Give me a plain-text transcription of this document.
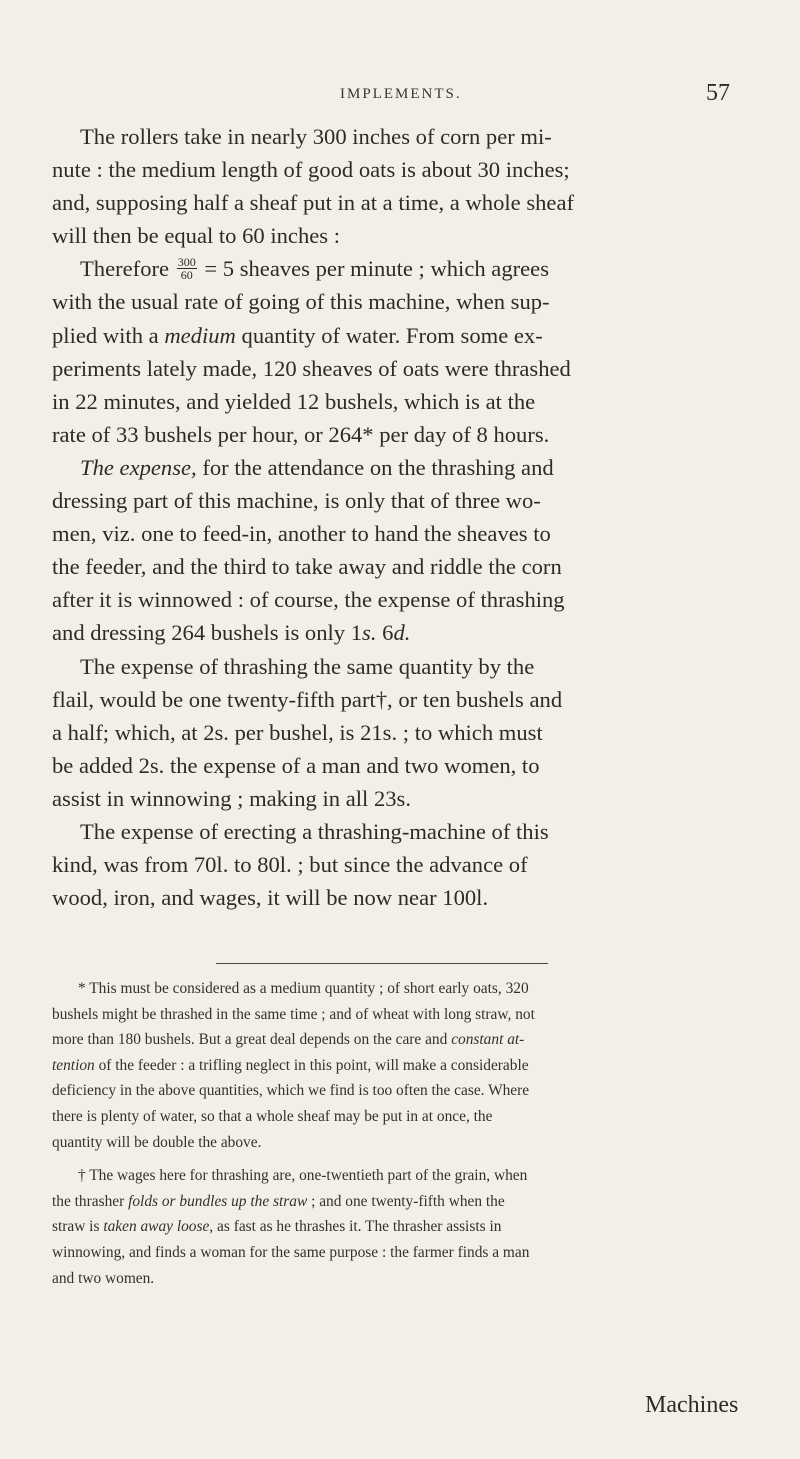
IMPLEMENTS.	57
The rollers take in nearly 300 inches of corn per mi-
nute : the medium length of good oats is about 30 inches;
and, supposing half a sheaf put in at a time, a whole sheaf
will then be equal to 60 inches :
Therefore $\frac{300}{60} = 5$ sheaves per minute ; which agrees
with the usual rate of going of this machine, when sup-
plied with a medium quantity of water. From some ex-
periments lately made, 120 sheaves of oats were thrashed
in 22 minutes, and yielded 12 bushels, which is at the
rate of 33 bushels per hour, or 264* per day of 8 hours.
The expense, for the attendance on the thrashing and
dressing part of this machine, is only that of three wo-
men, viz. one to feed-in, another to hand the sheaves to
the feeder, and the third to take away and riddle the corn
after it is winnowed : of course, the expense of thrashing
and dressing 264 bushels is only 1s. 6d.
The expense of thrashing the same quantity by the
flail, would be one twenty-fifth part†, or ten bushels and
a half; which, at 2s. per bushel, is 21s. ; to which must
be added 2s. the expense of a man and two women, to
assist in winnowing ; making in all 23s.
The expense of erecting a thrashing-machine of this
kind, was from 70l. to 80l. ; but since the advance of
wood, iron, and wages, it will be now near 100l.
* This must be considered as a medium quantity ; of short early oats, 320
bushels might be thrashed in the same time ; and of wheat with long straw, not
more than 180 bushels. But a great deal depends on the care and constant at-
tention of the feeder : a trifling neglect in this point, will make a considerable
deficiency in the above quantities, which we find is too often the case. Where
there is plenty of water, so that a whole sheaf may be put in at once, the
quantity will be double the above.
† The wages here for thrashing are, one-twentieth part of the grain, when
the thrasher folds or bundles up the straw ; and one twenty-fifth when the
straw is taken away loose, as fast as he thrashes it. The thrasher assists in
winnowing, and finds a woman for the same purpose : the farmer finds a man
and two women.
Machines
